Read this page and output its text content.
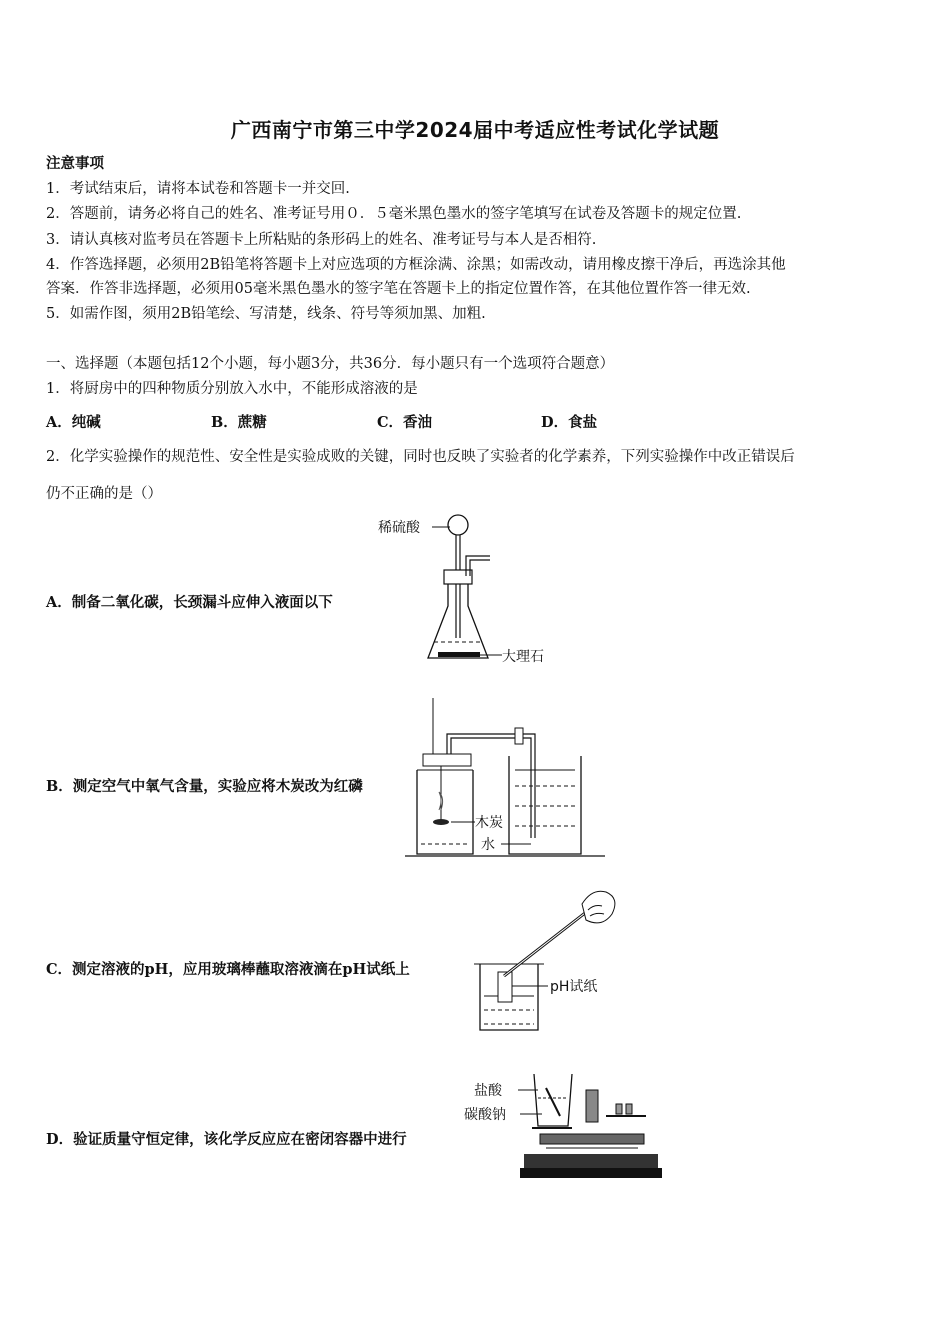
广西南宁市第三中学2024届中考适应性考试化学试题
注意事项
1．考试结束后，请将本试卷和答题卡一并交回.
2．答题前，请务必将自己的姓名、准考证号用０．５毫米黑色墨水的签字笔填写在试卷及答题卡的规定位置.
3．请认真核对监考员在答题卡上所粘贴的条形码上的姓名、准考证号与本人是否相符.
4．作答选择题，必须用2B铅笔将答题卡上对应选项的方框涂满、涂黑；如需改动，请用橡皮擦干净后，再选涂其他
答案．作答非选择题，必须用05毫米黑色墨水的签字笔在答题卡上的指定位置作答，在其他位置作答一律无效.
5．如需作图，须用2B铅笔绘、写清楚，线条、符号等须加黑、加粗.
一、选择题（本题包括12个小题，每小题3分，共36分．每小题只有一个选项符合题意）
1．将厨房中的四种物质分别放入水中，不能形成溶液的是
A．纯碱	B．蔗糖	C．香油	D．食盐
2．化学实验操作的规范性、安全性是实验成败的关键，同时也反映了实验者的化学素养，下列实验操作中改正错误后
仍不正确的是（）
A．制备二氧化碳，长颈漏斗应伸入液面以下
稀硫酸
大理石
B．测定空气中氧气含量，实验应将木炭改为红磷
木炭
水
C．测定溶液的pH，应用玻璃棒蘸取溶液滴在pH试纸上
pH试纸
D．验证质量守恒定律，该化学反应应在密闭容器中进行
盐酸
碳酸钠
